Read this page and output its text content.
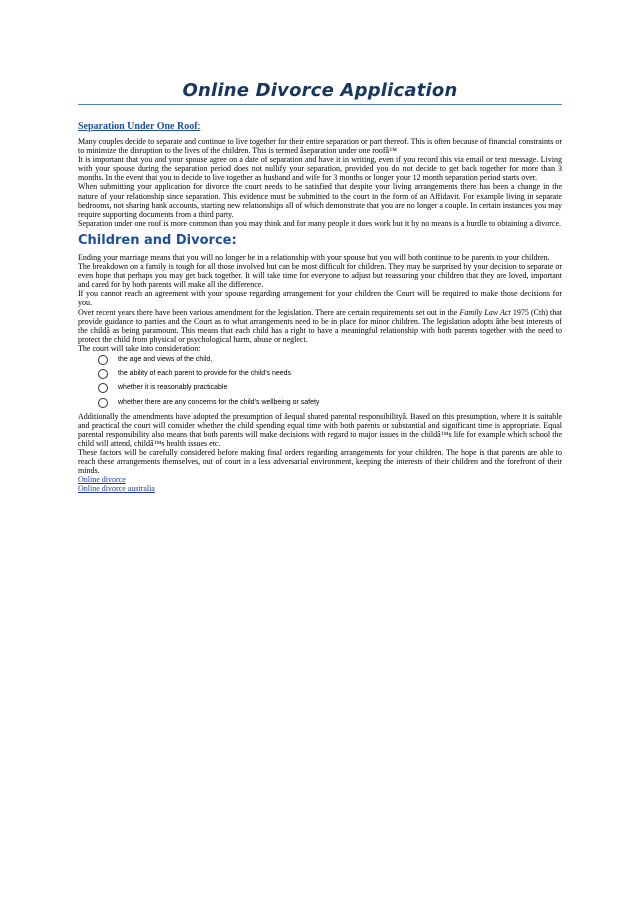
Online Divorce Application
Separation Under One Roof:

Many couples decide to separate and continue to live together for their entire separation or part thereof. This is often because of financial constraints or to minimize the disruption to the lives of the children. This is termed âseparation under one roofâ™

It is important that you and your spouse agree on a date of separation and have it in writing, even if you record this via email or text message. Living with your spouse during the separation period does not nullify your separation, provided you do not decide to get back together for more than 3 months. In the event that you to decide to live together as husband and wife for 3 months or longer your 12 month separation period starts over.

When submitting your application for divorce the court needs to be satisfied that despite your living arrangements there has been a change in the nature of your relationship since separation. This evidence must be submitted to the court in the form of an Affidavit. For example living in separate bedrooms, not sharing bank accounts, starting new relationships all of which demonstrate that you are no longer a couple. In certain instances you may require supporting documents from a third party.

Separation under one roof is more common than you may think and for many people it does work but it by no means is a hurdle to obtaining a divorce.

Children and Divorce:

Ending your marriage means that you will no longer be in a relationship with your spouse but you will both continue to be parents to your children.

The breakdown on a family is tough for all those involved but can be most difficult for children. They may be surprised by your decision to separate or even hope that perhaps you may get back together. It will take time for everyone to adjust but reassuring your children that they are loved, important and cared for by both parents will make all the difference.

If you cannot reach an agreement with your spouse regarding arrangement for your children the Court will be required to make those decisions for you.

Over recent years there have been various amendment for the legislation. There are certain requirements set out in the Family Law Act 1975 (Cth) that provide guidance to parties and the Court as to what arrangements need to be in place for minor children. The legislation adopts âthe best interests of the childâ as being paramount. This means that each child has a right to have a meaningful relationship with both parents together with the need to protect the child from physical or psychological harm, abuse or neglect.

The court will take into consideration:

the age and views of the child,
the ability of each parent to provide for the child’s needs
whether it is reasonably practicable
whether there are any concerns for the child’s wellbeing or safety

Additionally the amendments have adopted the presumption of âequal shared parental responsibilityâ. Based on this presumption, where it is suitable and practical the court will consider whether the child spending equal time with both parents or substantial and significant time is appropriate. Equal parental responsibility also means that both parents will make decisions with regard to major issues in the childâ™s life for example which school the child will attend, childâ™s health issues etc.

These factors will be carefully considered before making final orders regarding arrangements for your children. The hope is that parents are able to reach these arrangements themselves, out of court in a less adversarial environment, keeping the interests of their children and the forefront of their minds.

Online divorce
Online divorce australia
